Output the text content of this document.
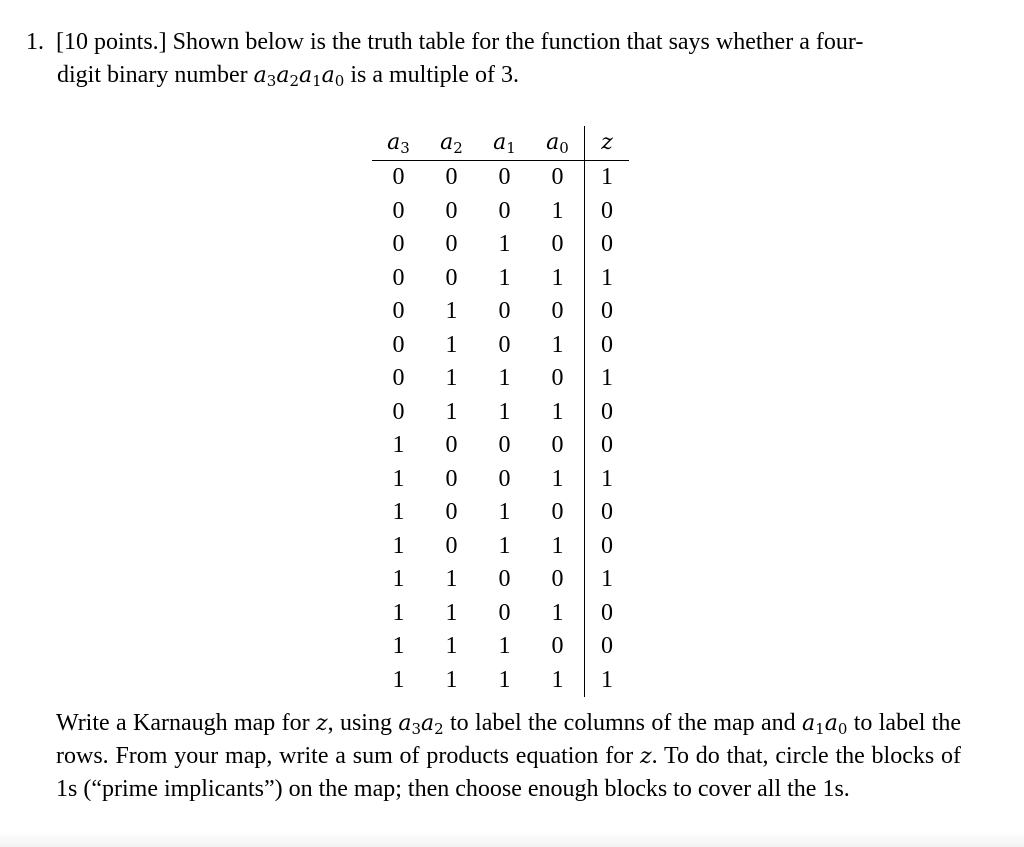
1. [10 points.] Shown below is the truth table for the function that says whether a four-
digit binary number $a_3a_2a_1a_0$ is a multiple of 3.
$a_3$	$a_2$	$a_1$	$a_0$	z
0	0	0	0	1
0	0	0	1	0
0	0	1	0	0
0	0	1	1	1
0	1	0	0	0
0	1	0	1	0
0	1	1	0	1
0	1	1	1	0
1	0	0	0	0
1	0	0	1	1
1	0	1	0	0
1	0	1	1	0
1	1	0	0	1
1	1	0	1	0
1	1	1	0	0
1	1	1	1	1
Write a Karnaugh map for z, using $a_3a_2$ to label the columns of the map and $a_1a_0$ to label the rows. From your map, write a sum of products equation for z. To do that, circle the blocks of 1s (“prime implicants”) on the map; then choose enough blocks to cover all the 1s.
